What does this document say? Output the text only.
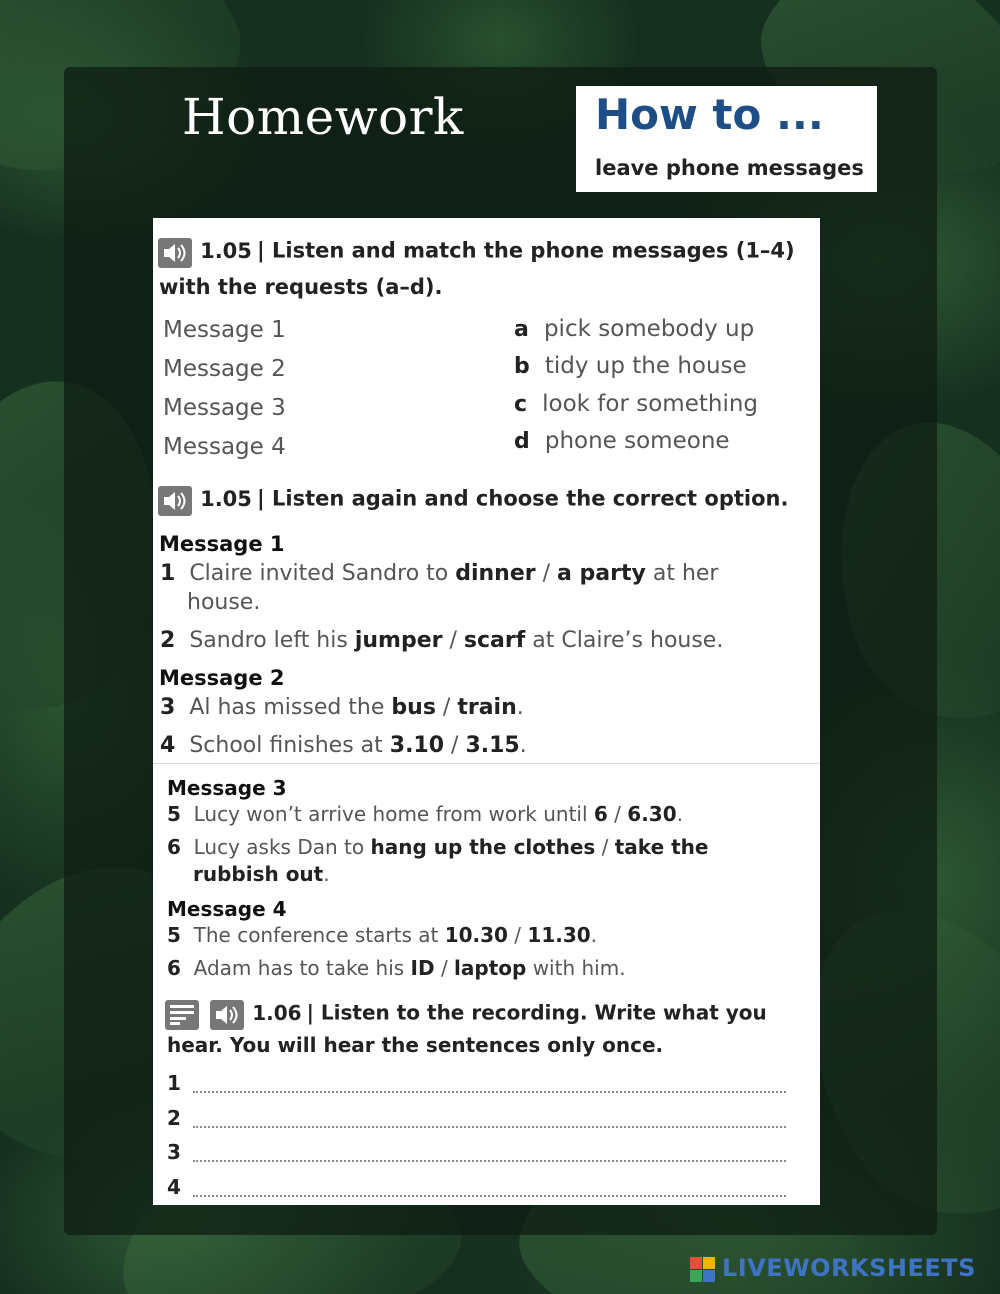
Homework	How to ...
leave phone messages
1.05 | Listen and match the phone messages (1–4)
with the requests (a–d).
Message 1
Message 2
Message 3
Message 4
a pick somebody up
b tidy up the house
c look for something
d phone someone
1.05 | Listen again and choose the correct option.
Message 1
1 Claire invited Sandro to dinner / a party at her
house.
2 Sandro left his jumper / scarf at Claire’s house.
Message 2
3 Al has missed the bus / train.
4 School finishes at 3.10 / 3.15.
Message 3
5 Lucy won’t arrive home from work until 6 / 6.30.
6 Lucy asks Dan to hang up the clothes / take the
rubbish out.
Message 4
5 The conference starts at 10.30 / 11.30.
6 Adam has to take his ID / laptop with him.

1.06 | Listen to the recording. Write what you
hear. You will hear the sentences only once.
1
2
3
4
LIVEWORKSHEETS
